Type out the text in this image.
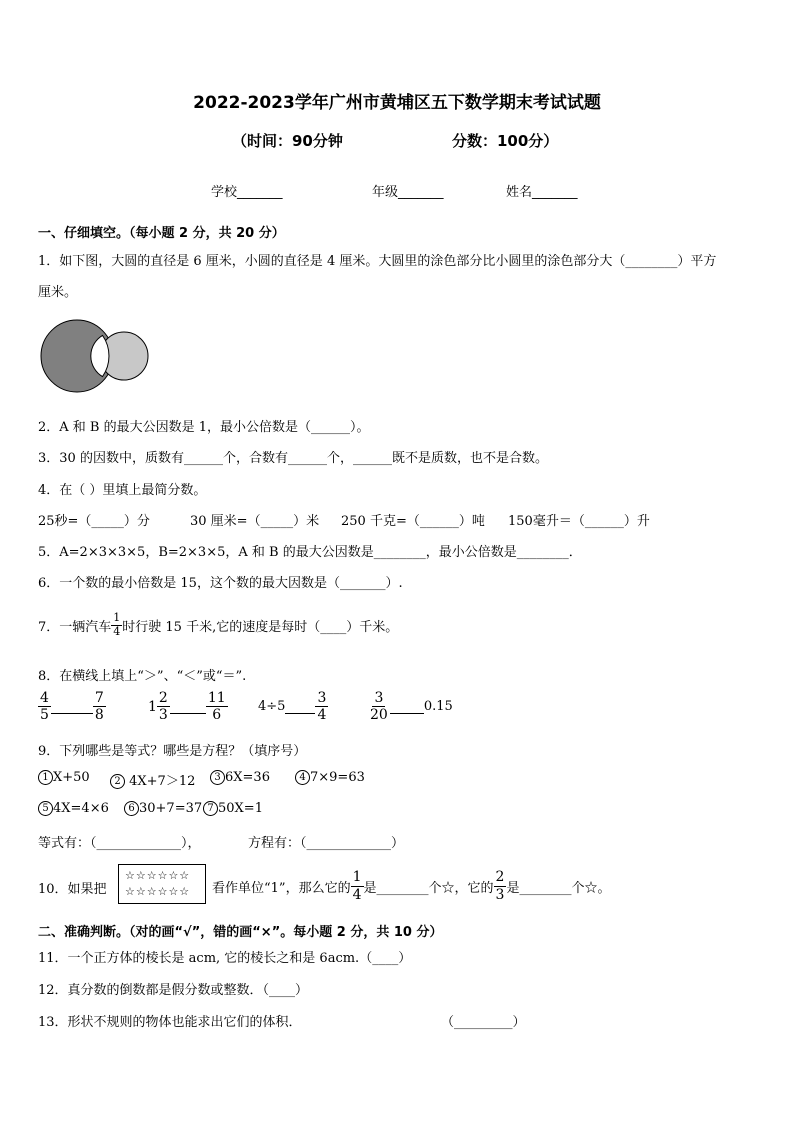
2022-2023学年广州市黄埔区五下数学期末考试试题
（时间：90分钟	分数：100分）
学校_______	年级_______	姓名_______
一、仔细填空。（每小题 2 分，共 20 分）
1．如下图，大圆的直径是 6 厘米，小圆的直径是 4 厘米。大圆里的涂色部分比小圆里的涂色部分大（________）平方
厘米。
2．A 和 B 的最大公因数是 1，最小公倍数是（______）。
3．30 的因数中，质数有______个，合数有______个，______既不是质数，也不是合数。
4．在（ ）里填上最简分数。
25秒=（_____）分	30 厘米=（_____）米 250 千克=（______）吨 150毫升＝（______）升
5．A=2×3×3×5，B=2×3×5，A 和 B 的最大公因数是________，最小公倍数是________．
6．一个数的最小倍数是 15，这个数的最大因数是（_______）.
7．一辆汽车 $\frac{1}{4}$ 时行驶 15 千米,它的速度是每时（____）千米。
8．在横线上填上“＞”、“＜”或“＝”.
$\frac{4}{5}$	$\frac{7}{8}$	$1 \frac{2}{3}$	$\frac{11}{6} 4\div 5 \frac{3}{4}$	$\frac{3}{20}$	0.15
9．下列哪些是等式？哪些是方程？（填序号）
1 X+50	2 4X+7＞12	3 6X=36	4 7×9=63
5 4X=4×6	6 30+7=37 7 50X=1
等式有：（_____________），	方程有：（_____________）
10．如果把
☆☆☆☆☆☆
☆☆☆☆☆☆	看作单位“1”，那么它的 $\frac{1}{4}$ 是________个☆，它的 $\frac{2}{3}$ 是________个☆。
二、准确判断。（对的画“√”，错的画“×”。每小题 2 分，共 10 分）
11．一个正方体的棱长是 acm, 它的棱长之和是 6acm.（____）
12．真分数的倒数都是假分数或整数．（____）
13．形状不规则的物体也能求出它们的体积．	（_________）
